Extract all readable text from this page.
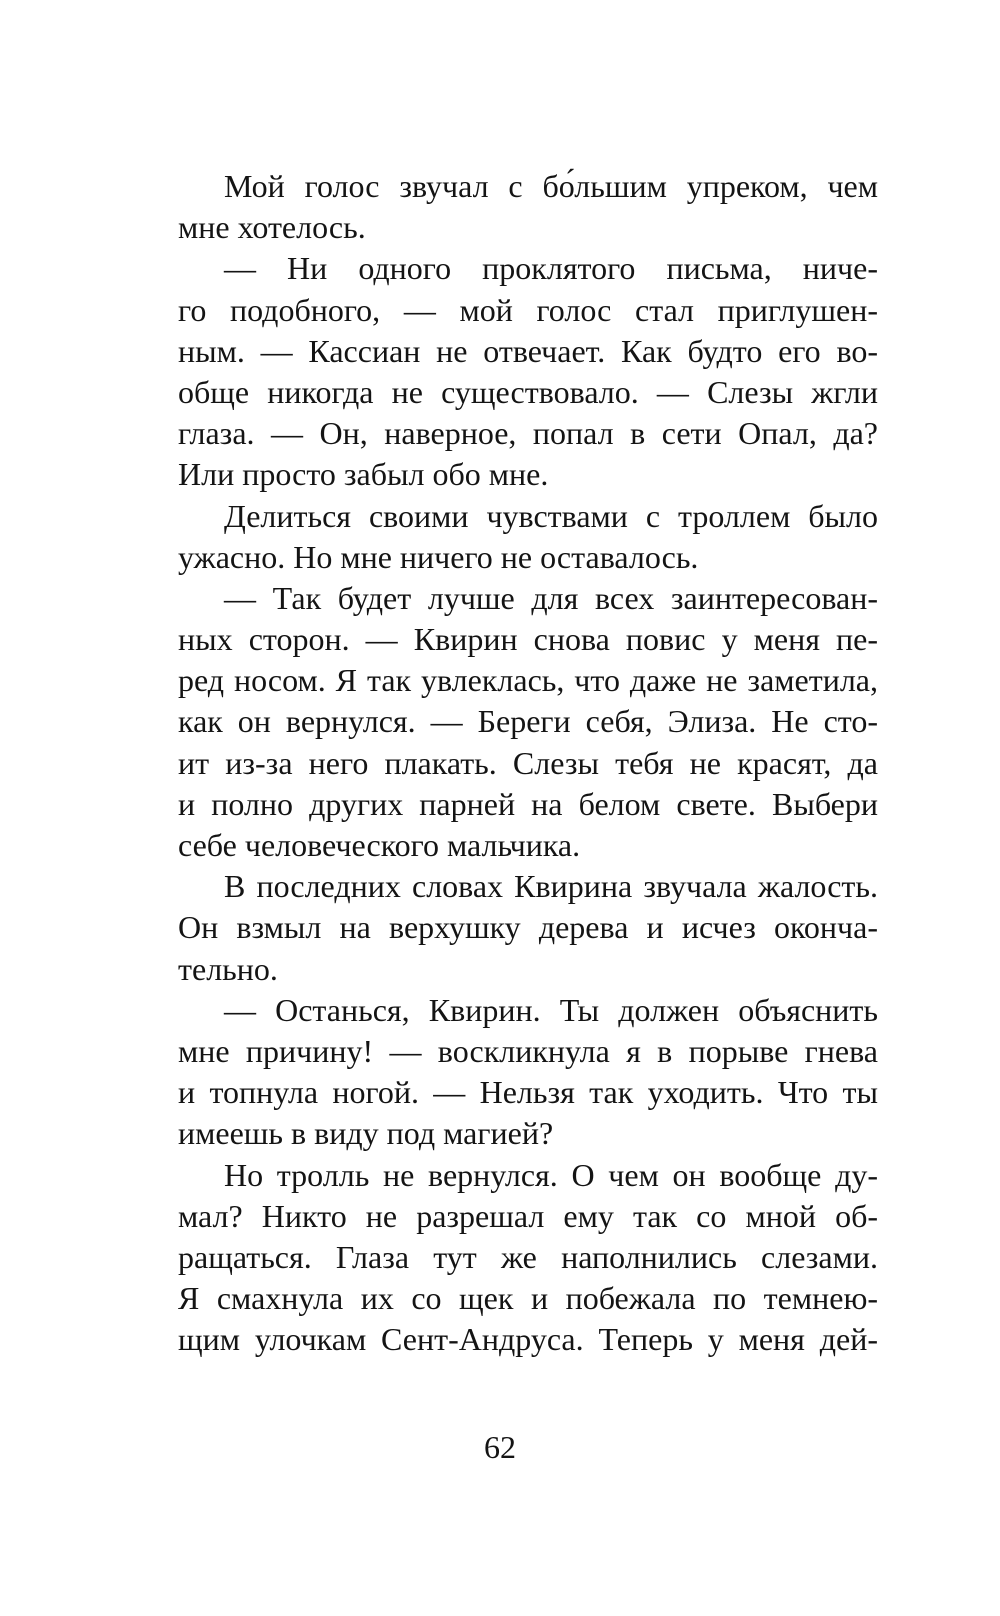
Мой голос звучал с бо́льшим упреком, чем
мне хотелось.
— Ни одного проклятого письма, ниче-
го подобного, — мой голос стал приглушен-
ным. — Кассиан не отвечает. Как будто его во-
обще никогда не существовало. — Слезы жгли
глаза. — Он, наверное, попал в сети Опал, да?
Или просто забыл обо мне.
Делиться своими чувствами с троллем было
ужасно. Но мне ничего не оставалось.
— Так будет лучше для всех заинтересован-
ных сторон. — Квирин снова повис у меня пе-
ред носом. Я так увлеклась, что даже не заметила,
как он вернулся. — Береги себя, Элиза. Не сто-
ит из-за него плакать. Слезы тебя не красят, да
и полно других парней на белом свете. Выбери
себе человеческого мальчика.
В последних словах Квирина звучала жалость.
Он взмыл на верхушку дерева и исчез оконча-
тельно.
— Останься, Квирин. Ты должен объяснить
мне причину! — воскликнула я в порыве гнева
и топнула ногой. — Нельзя так уходить. Что ты
имеешь в виду под магией?
Но тролль не вернулся. О чем он вообще ду-
мал? Никто не разрешал ему так со мной об-
ращаться. Глаза тут же наполнились слезами.
Я смахнула их со щек и побежала по темнею-
щим улочкам Сент-Андруса. Теперь у меня дей-
62
